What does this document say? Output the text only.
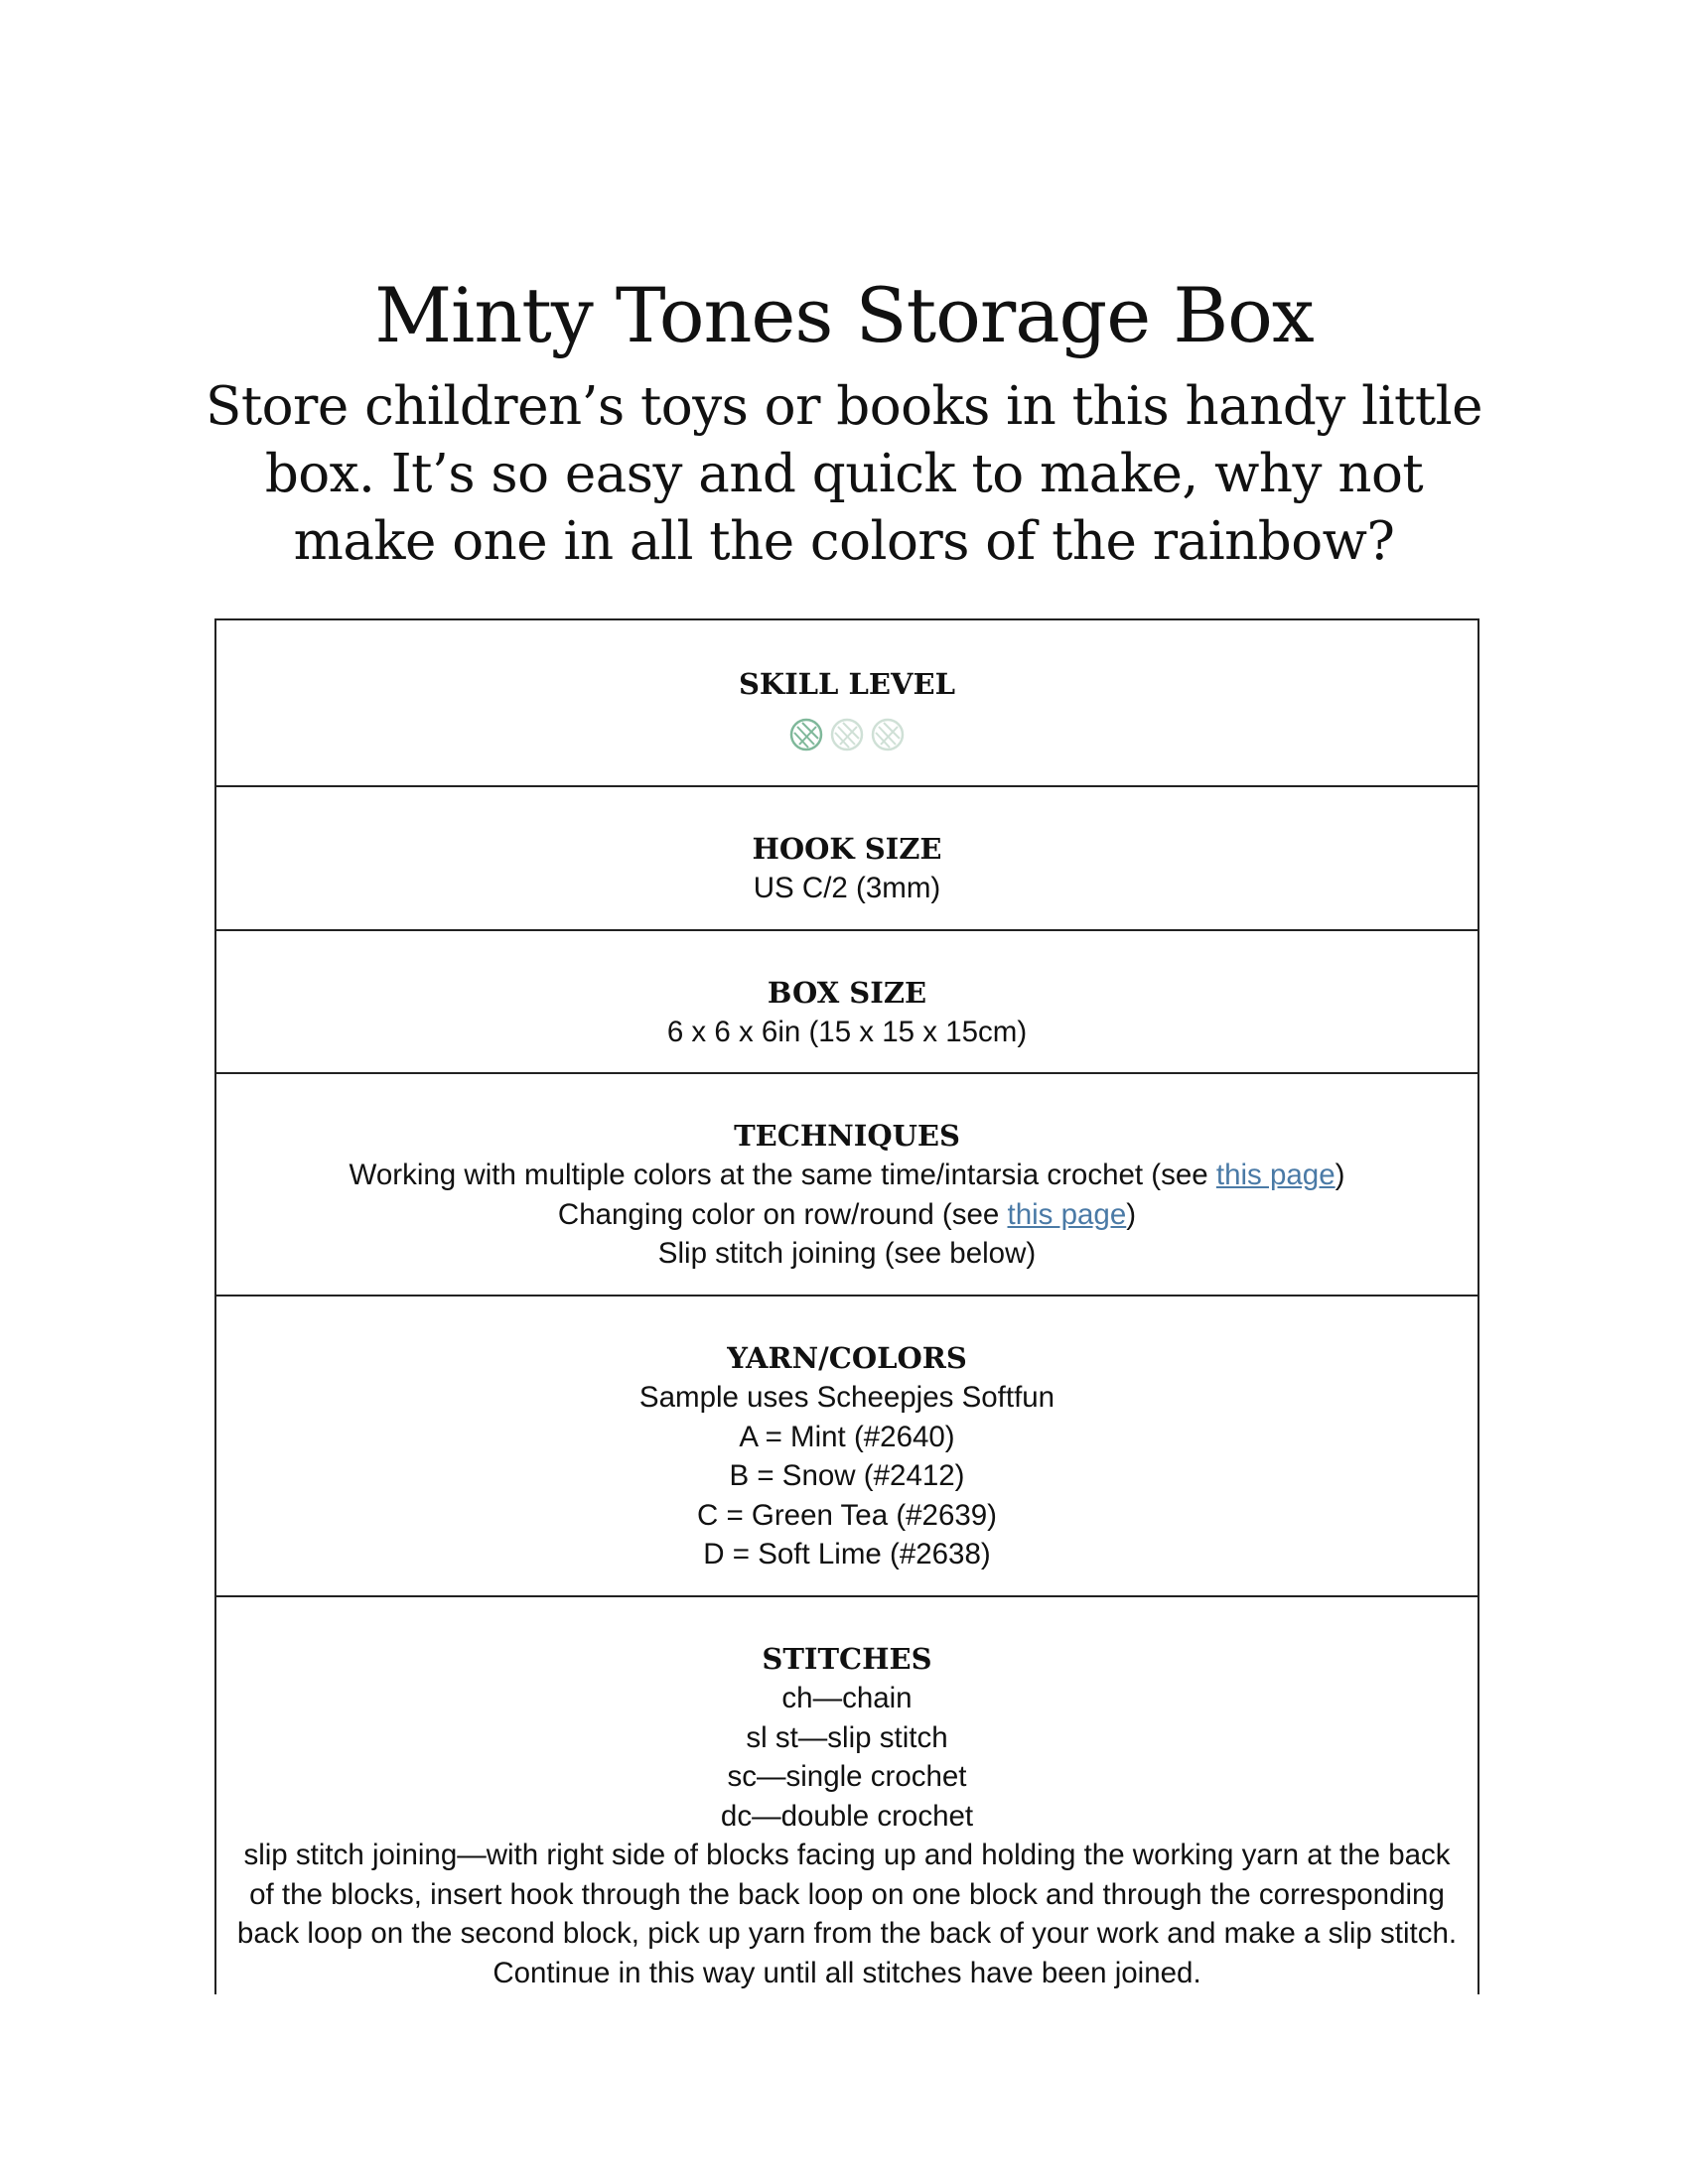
Minty Tones Storage Box

Store children’s toys or books in this handy little box. It’s so easy and quick to make, why not make one in all the colors of the rainbow?

SKILL LEVEL
HOOK SIZE
US C/2 (3mm)
BOX SIZE
6 x 6 x 6in (15 x 15 x 15cm)
TECHNIQUES
Working with multiple colors at the same time/intarsia crochet (see this page)
Changing color on row/round (see this page)
Slip stitch joining (see below)
YARN/COLORS
Sample uses Scheepjes Softfun
A = Mint (#2640)
B = Snow (#2412)
C = Green Tea (#2639)
D = Soft Lime (#2638)
STITCHES
ch—chain
sl st—slip stitch
sc—single crochet
dc—double crochet
slip stitch joining—with right side of blocks facing up and holding the working yarn at the back
of the blocks, insert hook through the back loop on one block and through the corresponding
back loop on the second block, pick up yarn from the back of your work and make a slip stitch.
Continue in this way until all stitches have been joined.
